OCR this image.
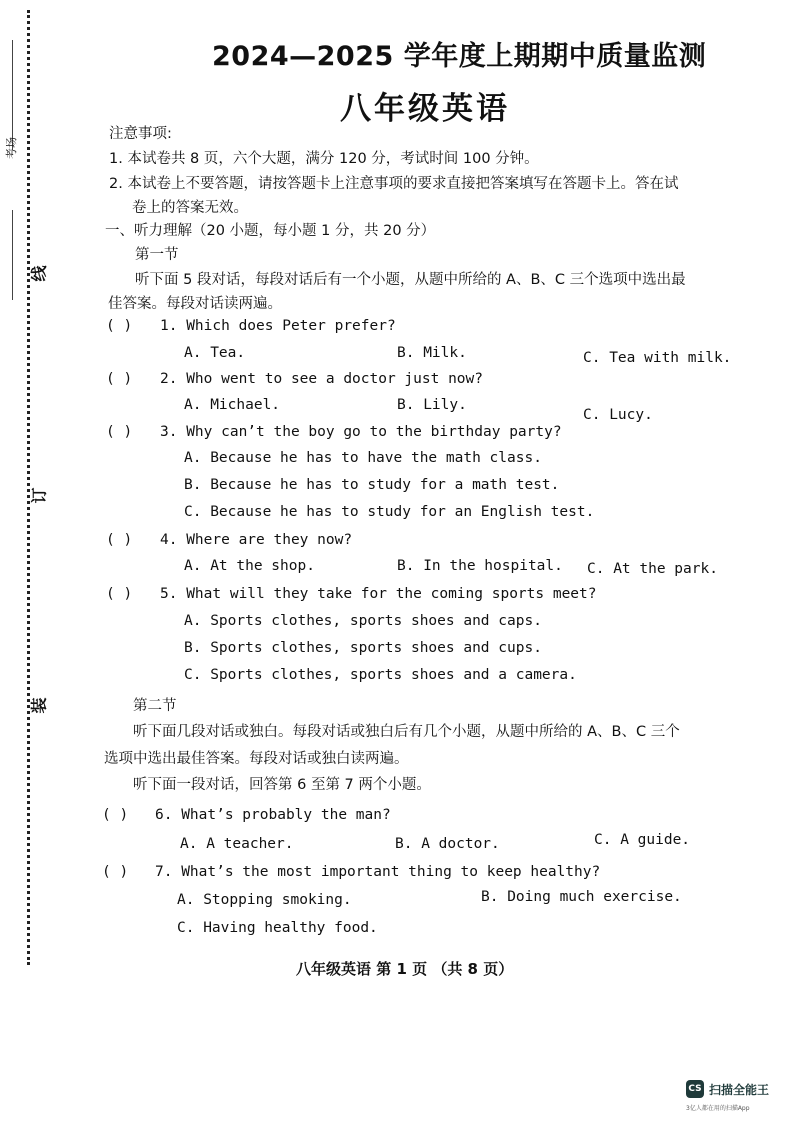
考场
线
订
装
2024—2025 学年度上期期中质量监测
八年级英语
注意事项:
1. 本试卷共 8 页，六个大题，满分 120 分，考试时间 100 分钟。
2. 本试卷上不要答题，请按答题卡上注意事项的要求直接把答案填写在答题卡上。答在试
卷上的答案无效。
一、听力理解（20 小题，每小题 1 分，共 20 分）
第一节
听下面 5 段对话，每段对话后有一个小题，从题中所给的 A、B、C 三个选项中选出最
佳答案。每段对话读两遍。
( ) 1. Which does Peter prefer?
A. Tea.	B. Milk.	C. Tea with milk.
( ) 2. Who went to see a doctor just now?
A. Michael.	B. Lily.
C. Lucy.
( ) 3. Why can’t the boy go to the birthday party?
A. Because he has to have the math class.
B. Because he has to study for a math test.
C. Because he has to study for an English test.
( ) 4. Where are they now?
A. At the shop.	B. In the hospital. C. At the park.
( ) 5. What will they take for the coming sports meet?
A. Sports clothes, sports shoes and caps.
B. Sports clothes, sports shoes and cups.
C. Sports clothes, sports shoes and a camera.
第二节
听下面几段对话或独白。每段对话或独白后有几个小题，从题中所给的 A、B、C 三个
选项中选出最佳答案。每段对话或独白读两遍。
听下面一段对话，回答第 6 至第 7 两个小题。
( ) 6. What’s probably the man?
A. A teacher.	B. A doctor.	C. A guide.
( ) 7. What’s the most important thing to keep healthy?
A. Stopping smoking.	B. Doing much exercise.
C. Having healthy food.
八年级英语 第 1 页 （共 8 页）
CS 扫描全能王
3亿人都在用的扫描App
